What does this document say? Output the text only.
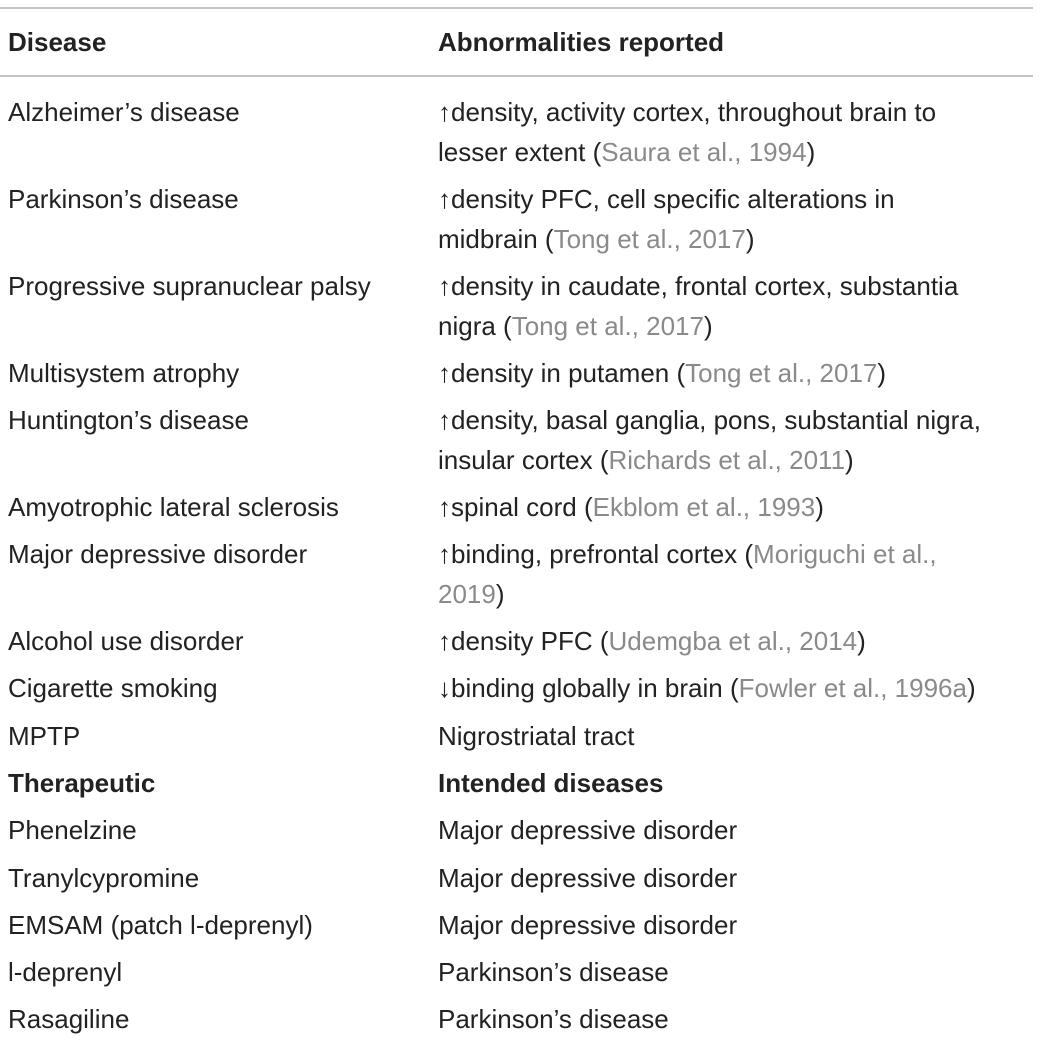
Disease	Abnormalities reported
Alzheimer’s disease	↑density, activity cortex, throughout brain to
lesser extent (Saura et al., 1994)
Parkinson’s disease	↑density PFC, cell specific alterations in
midbrain (Tong et al., 2017)
Progressive supranuclear palsy	↑density in caudate, frontal cortex, substantia
nigra (Tong et al., 2017)
Multisystem atrophy	↑density in putamen (Tong et al., 2017)
Huntington’s disease	↑density, basal ganglia, pons, substantial nigra,
insular cortex (Richards et al., 2011)
Amyotrophic lateral sclerosis	↑spinal cord (Ekblom et al., 1993)
Major depressive disorder	↑binding, prefrontal cortex (Moriguchi et al.,
2019)
Alcohol use disorder	↑density PFC (Udemgba et al., 2014)
Cigarette smoking	↓binding globally in brain (Fowler et al., 1996a)
MPTP	Nigrostriatal tract
Therapeutic	Intended diseases
Phenelzine	Major depressive disorder
Tranylcypromine	Major depressive disorder
EMSAM (patch l-deprenyl)	Major depressive disorder
l-deprenyl	Parkinson’s disease
Rasagiline	Parkinson’s disease
